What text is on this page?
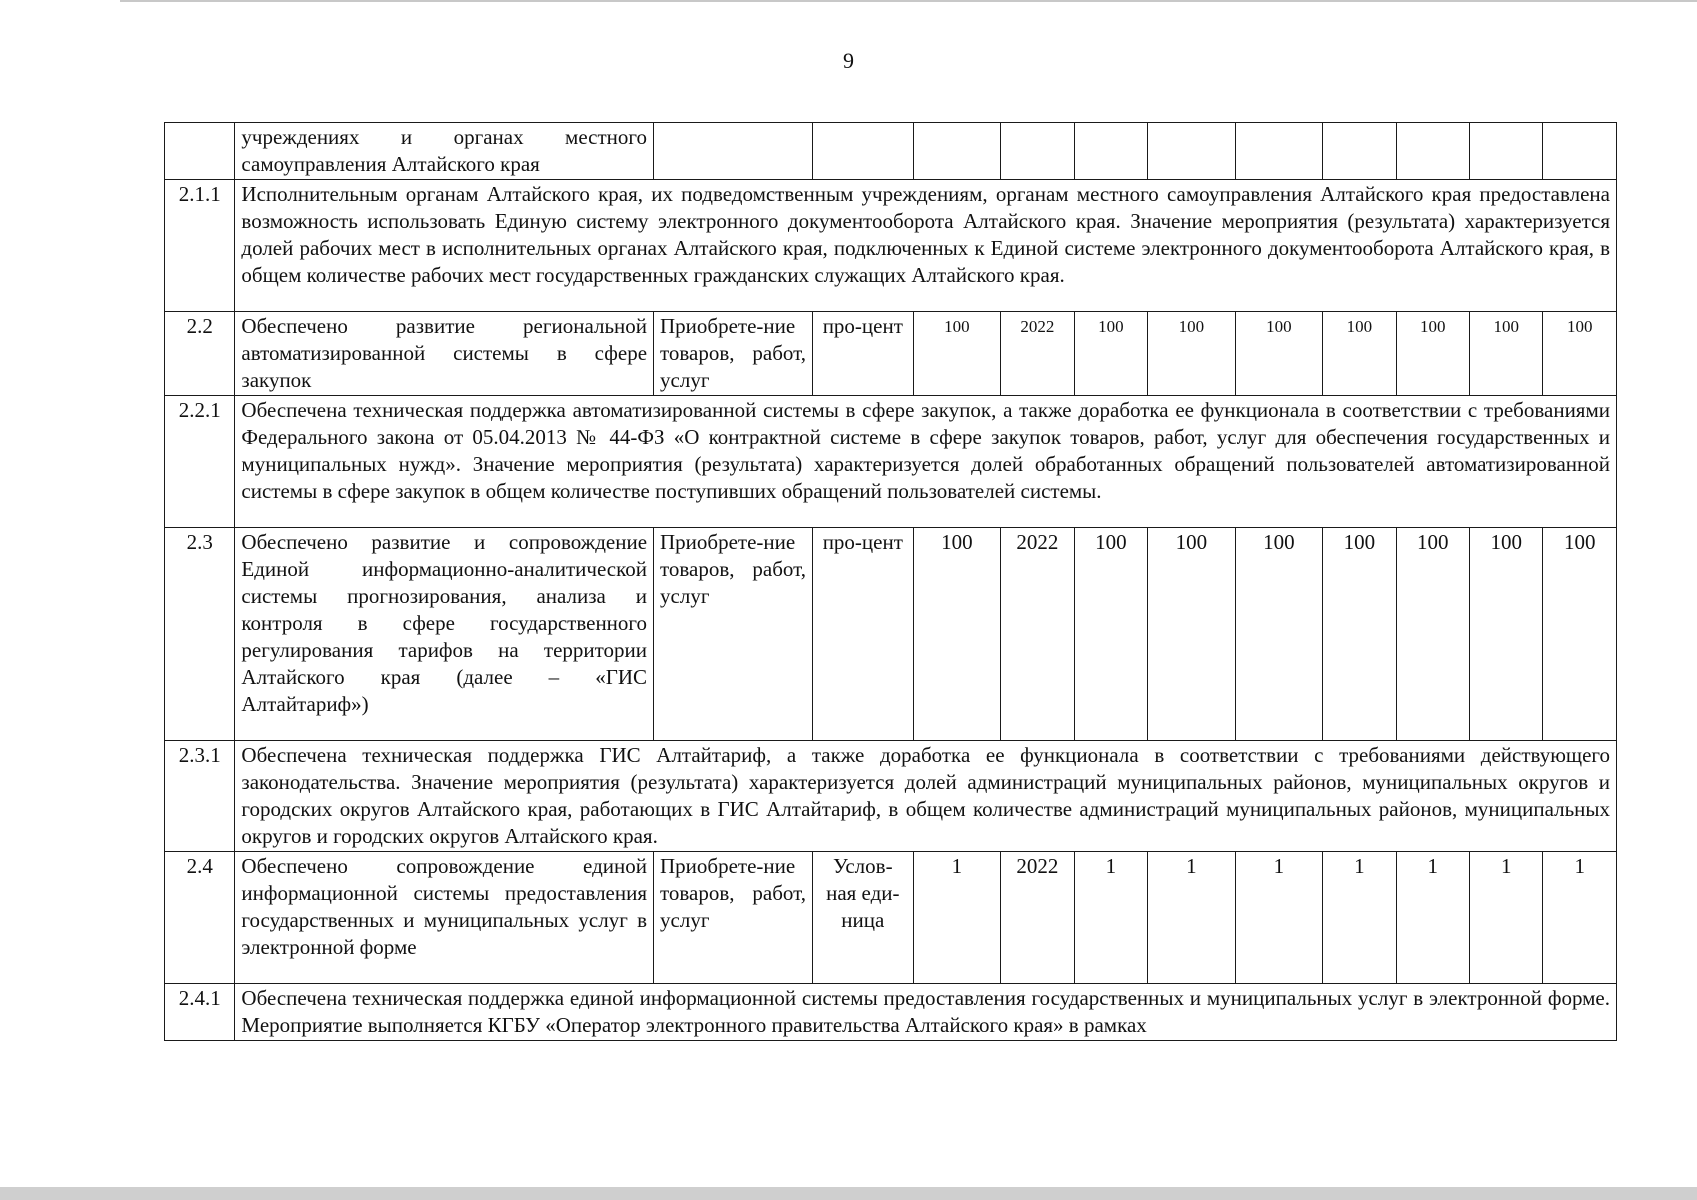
9
	учреждениях и органах местного самоуправления Алтайского края											
2.1.1	Исполнительным органам Алтайского края, их подведомственным учреждениям, органам местного самоуправления Алтайского края предоставлена возможность использовать Единую систему электронного документооборота Алтайского края. Значение мероприятия (результата) характеризуется долей рабочих мест в исполнительных органах Алтайского края, подключенных к Единой системе электронного документооборота Алтайского края, в общем количестве рабочих мест государственных гражданских служащих Алтайского края.											
2.2	Обеспечено развитие региональной автоматизированной системы в сфере закупок	Приобрете-ние товаров, работ, услуг	про-цент	100	2022	100	100	100	100	100	100	100
2.2.1	Обеспечена техническая поддержка автоматизированной системы в сфере закупок, а также доработка ее функционала в соответствии с требованиями Федерального закона от 05.04.2013 № 44-ФЗ «О контрактной системе в сфере закупок товаров, работ, услуг для обеспечения государственных и муниципальных нужд». Значение мероприятия (результата) характеризуется долей обработанных обращений пользователей автоматизированной системы в сфере закупок в общем количестве поступивших обращений пользователей системы.											
2.3	Обеспечено развитие и сопровождение Единой информационно-аналитической системы прогнозирования, анализа и контроля в сфере государственного регулирования тарифов на территории Алтайского края (далее – «ГИС Алтайтариф»)	Приобрете-ние товаров, работ, услуг	про-цент	100	2022	100	100	100	100	100	100	100
2.3.1	Обеспечена техническая поддержка ГИС Алтайтариф, а также доработка ее функционала в соответствии с требованиями действующего законодательства. Значение мероприятия (результата) характеризуется долей администраций муниципальных районов, муниципальных округов и городских округов Алтайского края, работающих в ГИС Алтайтариф, в общем количестве администраций муниципальных районов, муниципальных округов и городских округов Алтайского края.											
2.4	Обеспечено сопровождение единой информационной системы предоставления государственных и муниципальных услуг в электронной форме	Приобрете-ние товаров, работ, услуг	Услов-ная еди-ница	1	2022	1	1	1	1	1	1	1
2.4.1	Обеспечена техническая поддержка единой информационной системы предоставления государственных и муниципальных услуг в электронной форме. Мероприятие выполняется КГБУ «Оператор электронного правительства Алтайского края» в рамках											
